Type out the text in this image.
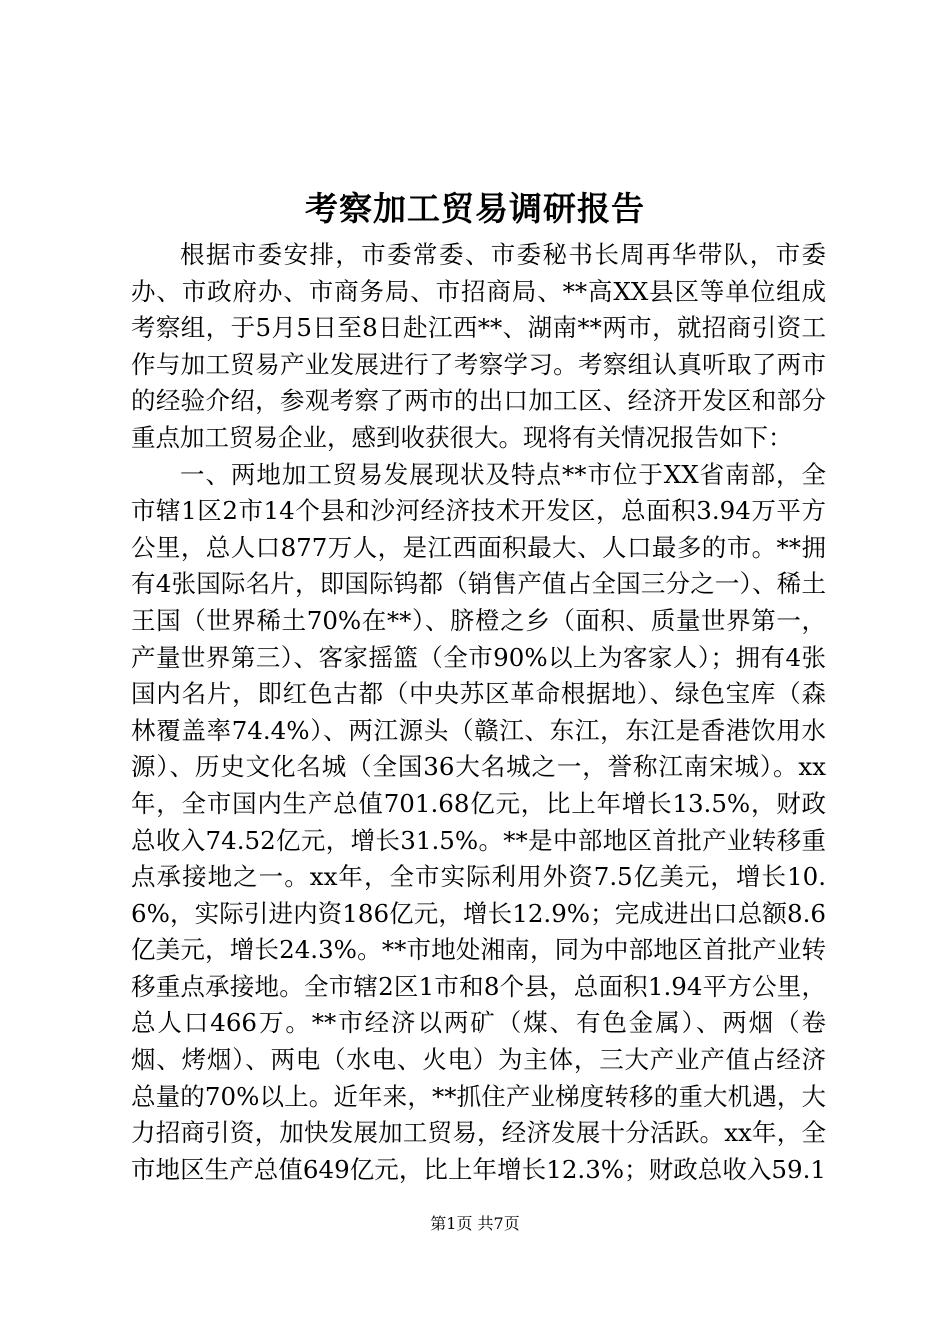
考察加工贸易调研报告

根据市委安排，市委常委、市委秘书长周再华带队，市委办、市政府办、市商务局、市招商局、**高XX县区等单位组成考察组，于5月5日至8日赴江西**、湖南**两市，就招商引资工作与加工贸易产业发展进行了考察学习。考察组认真听取了两市的经验介绍，参观考察了两市的出口加工区、经济开发区和部分重点加工贸易企业，感到收获很大。现将有关情况报告如下：

一、两地加工贸易发展现状及特点**市位于XX省南部，全市辖1区2市14个县和沙河经济技术开发区，总面积3.94万平方公里，总人口877万人，是江西面积最大、人口最多的市。**拥有4张国际名片，即国际钨都（销售产值占全国三分之一）、稀土王国（世界稀土70%在**）、脐橙之乡（面积、质量世界第一，产量世界第三）、客家摇篮（全市90%以上为客家人）；拥有4张国内名片，即红色古都（中央苏区革命根据地）、绿色宝库（森林覆盖率74.4%）、两江源头（赣江、东江，东江是香港饮用水源）、历史文化名城（全国36大名城之一，誉称江南宋城）。xx年，全市国内生产总值701.68亿元，比上年增长13.5%，财政总收入74.52亿元，增长31.5%。**是中部地区首批产业转移重点承接地之一。xx年，全市实际利用外资7.5亿美元，增长10.6%，实际引进内资186亿元，增长12.9%；完成进出口总额8.6亿美元，增长24.3%。**市地处湘南，同为中部地区首批产业转移重点承接地。全市辖2区1市和8个县，总面积1.94平方公里，总人口466万。**市经济以两矿（煤、有色金属）、两烟（卷烟、烤烟）、两电（水电、火电）为主体，三大产业产值占经济总量的70%以上。近年来，**抓住产业梯度转移的重大机遇，大力招商引资，加快发展加工贸易，经济发展十分活跃。xx年，全市地区生产总值649亿元，比上年增长12.3%；财政总收入59.1

第1页 共7页
